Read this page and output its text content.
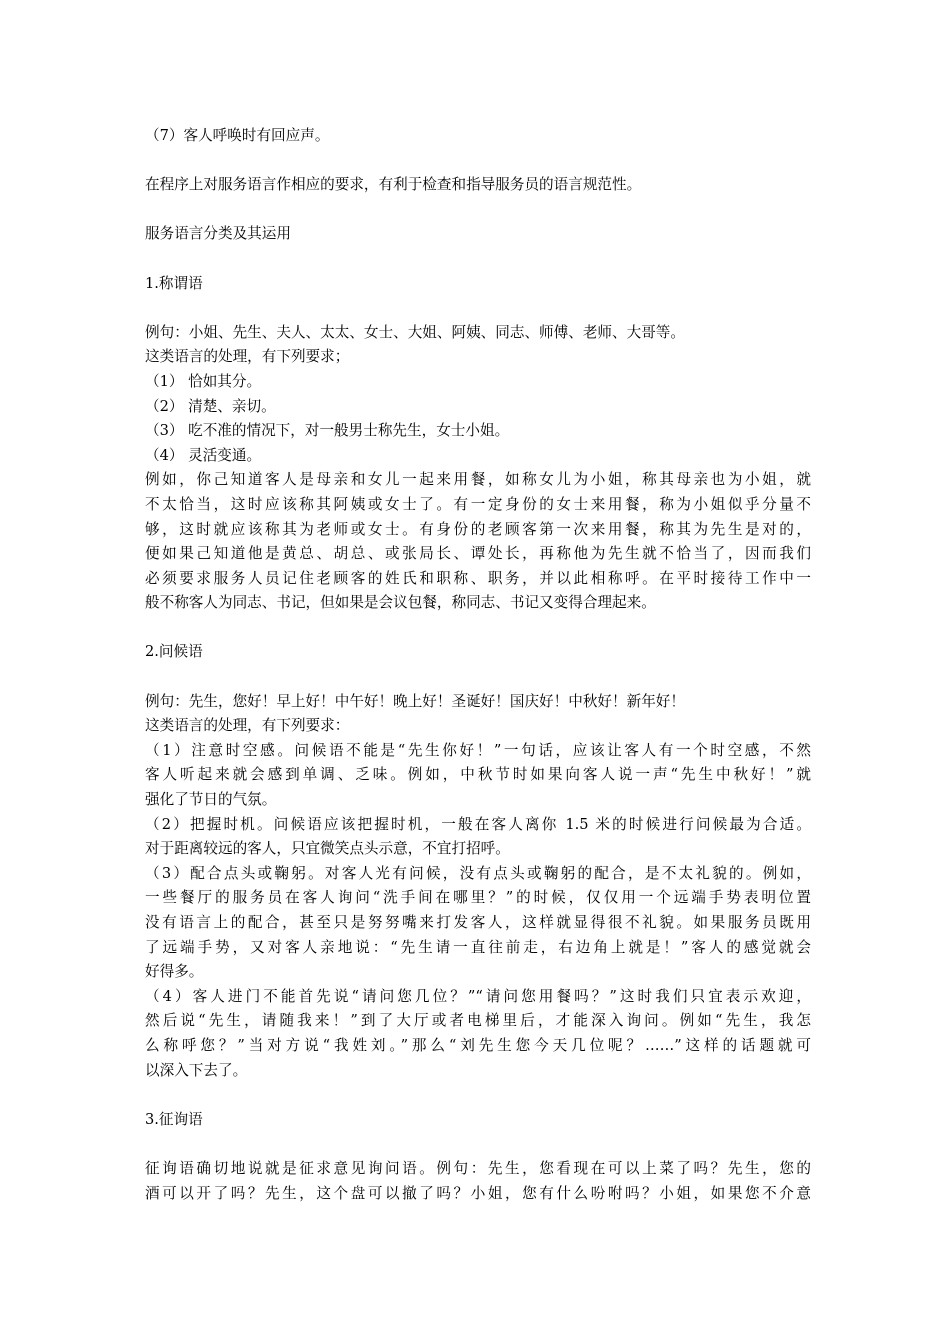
（7）客人呼唤时有回应声。
在程序上对服务语言作相应的要求，有利于检查和指导服务员的语言规范性。
服务语言分类及其运用
1.称谓语
例句：小姐、先生、夫人、太太、女士、大姐、阿姨、同志、师傅、老师、大哥等。
这类语言的处理，有下列要求；
（1） 恰如其分。
（2） 清楚、亲切。
（3） 吃不准的情况下，对一般男士称先生，女士小姐。
（4） 灵活变通。
例如，你己知道客人是母亲和女儿一起来用餐，如称女儿为小姐，称其母亲也为小姐，就
不太恰当，这时应该称其阿姨或女士了。有一定身份的女士来用餐，称为小姐似乎分量不
够，这时就应该称其为老师或女士。有身份的老顾客第一次来用餐，称其为先生是对的，
便如果己知道他是黄总、胡总、或张局长、谭处长，再称他为先生就不恰当了，因而我们
必须要求服务人员记住老顾客的姓氏和职称、职务，并以此相称呼。在平时接待工作中一
般不称客人为同志、书记，但如果是会议包餐，称同志、书记又变得合理起来。
2.问候语
例句：先生，您好！早上好！中午好！晚上好！圣诞好！国庆好！中秋好！新年好！
这类语言的处理，有下列要求：
（1）注意时空感。问候语不能是“先生你好！”一句话，应该让客人有一个时空感，不然
客人听起来就会感到单调、乏味。例如，中秋节时如果向客人说一声“先生中秋好！”就
强化了节日的气氛。
（2）把握时机。问候语应该把握时机，一般在客人离你 1.5 米的时候进行问候最为合适。
对于距离较远的客人，只宜微笑点头示意，不宜打招呼。
（3）配合点头或鞠躬。对客人光有问候，没有点头或鞠躬的配合，是不太礼貌的。例如，
一些餐厅的服务员在客人询问“洗手间在哪里？”的时候，仅仅用一个远端手势表明位置
没有语言上的配合，甚至只是努努嘴来打发客人，这样就显得很不礼貌。如果服务员既用
了远端手势，又对客人亲地说：“先生请一直往前走，右边角上就是！”客人的感觉就会
好得多。
（4）客人进门不能首先说“请问您几位？”“请问您用餐吗？”这时我们只宜表示欢迎，
然后说“先生，请随我来！”到了大厅或者电梯里后，才能深入询问。例如“先生，我怎
么称呼您？”当对方说“我姓刘。”那么“刘先生您今天几位呢？……”这样的话题就可
以深入下去了。
3.征询语
征询语确切地说就是征求意见询问语。例句：先生，您看现在可以上菜了吗？先生，您的
酒可以开了吗？先生，这个盘可以撤了吗？小姐，您有什么吩咐吗？小姐，如果您不介意
